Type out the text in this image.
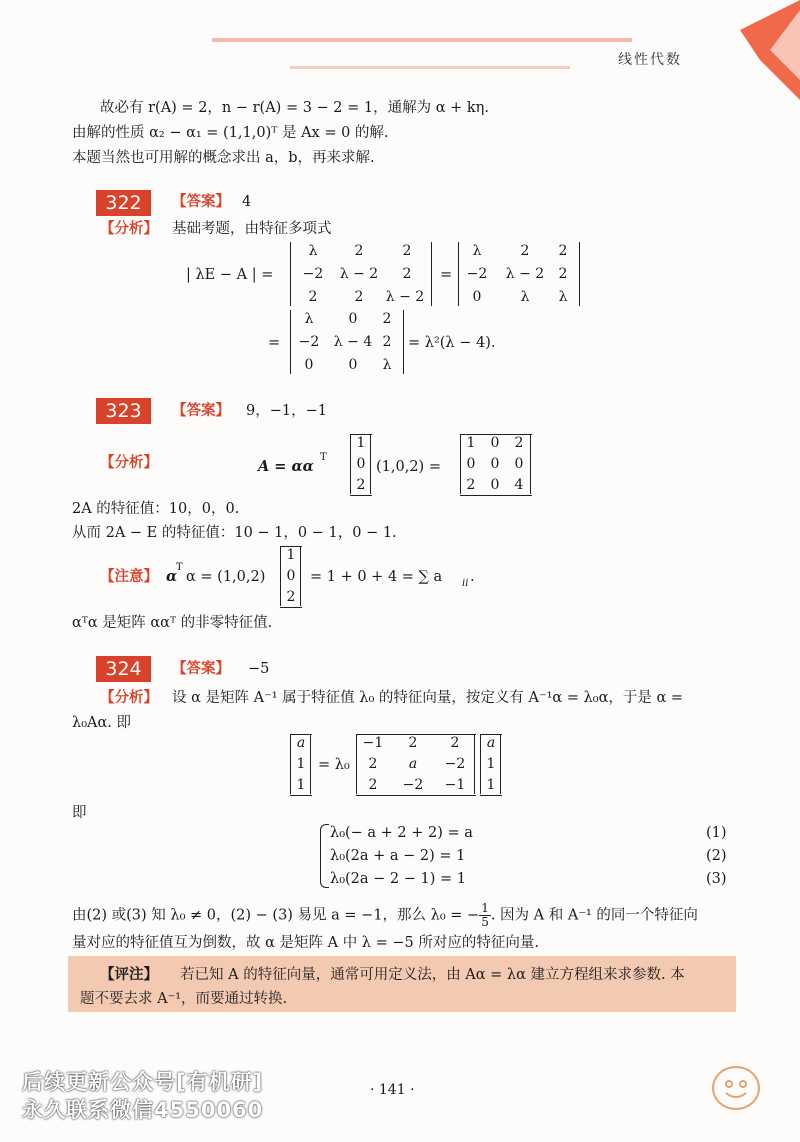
线性代数
故必有 r(A) = 2，n − r(A) = 3 − 2 = 1，通解为 α + kη.
由解的性质 α₂ − α₁ = (1,1,0)ᵀ 是 Ax = 0 的解.
本题当然也可用解的概念求出 a，b，再来求解.
322	【答案】 4
【分析】 基础考题，由特征多项式
| λE − A | =
λ	2	2
−2	λ − 2	2
2	2	λ − 2
=
λ	2	2
−2	λ − 2	2
0	λ	λ
=
λ	0	2
−2	λ − 4 2
0	0	λ
= λ²(λ − 4).
323	【答案】 9，−1，−1
【分析】	A = αα
T
1
0
2
(1,0,2) =
1	0	2
0	0	0
2	0	4
2A 的特征值：10，0，0.
从而 2A − E 的特征值：10 − 1，0 − 1，0 − 1.
【注意】 α
T
α = (1,0,2)
1
0
2
= 1 + 0 + 4 = ∑ a ii .
αᵀα 是矩阵 ααᵀ 的非零特征值.
324	【答案】 −5
【分析】 设 α 是矩阵 A⁻¹ 属于特征值 λ₀ 的特征向量，按定义有 A⁻¹α = λ₀α，于是 α =
λ₀Aα. 即
a
1
1
= λ₀
−1	2	2
2	a	−2
2	−2	−1
a
1
1
即
λ₀(− a + 2 + 2) = a
λ₀(2a + a − 2) = 1
λ₀(2a − 2 − 1) = 1
(1)
(2)
(3)
由(2) 或(3) 知 λ₀ ≠ 0，(2) − (3) 易见 a = −1，那么 λ₀ = − $\frac{1}{5}$ . 因为 A 和 A⁻¹ 的同一个特征向
量对应的特征值互为倒数，故 α 是矩阵 A 中 λ = −5 所对应的特征向量.
【评注】 若已知 A 的特征向量，通常可用定义法，由 Aα = λα 建立方程组来求参数. 本
题不要去求 A⁻¹，而要通过转换.
· 141 ·
后续更新公众号[有机研]
永久联系微信4550060
